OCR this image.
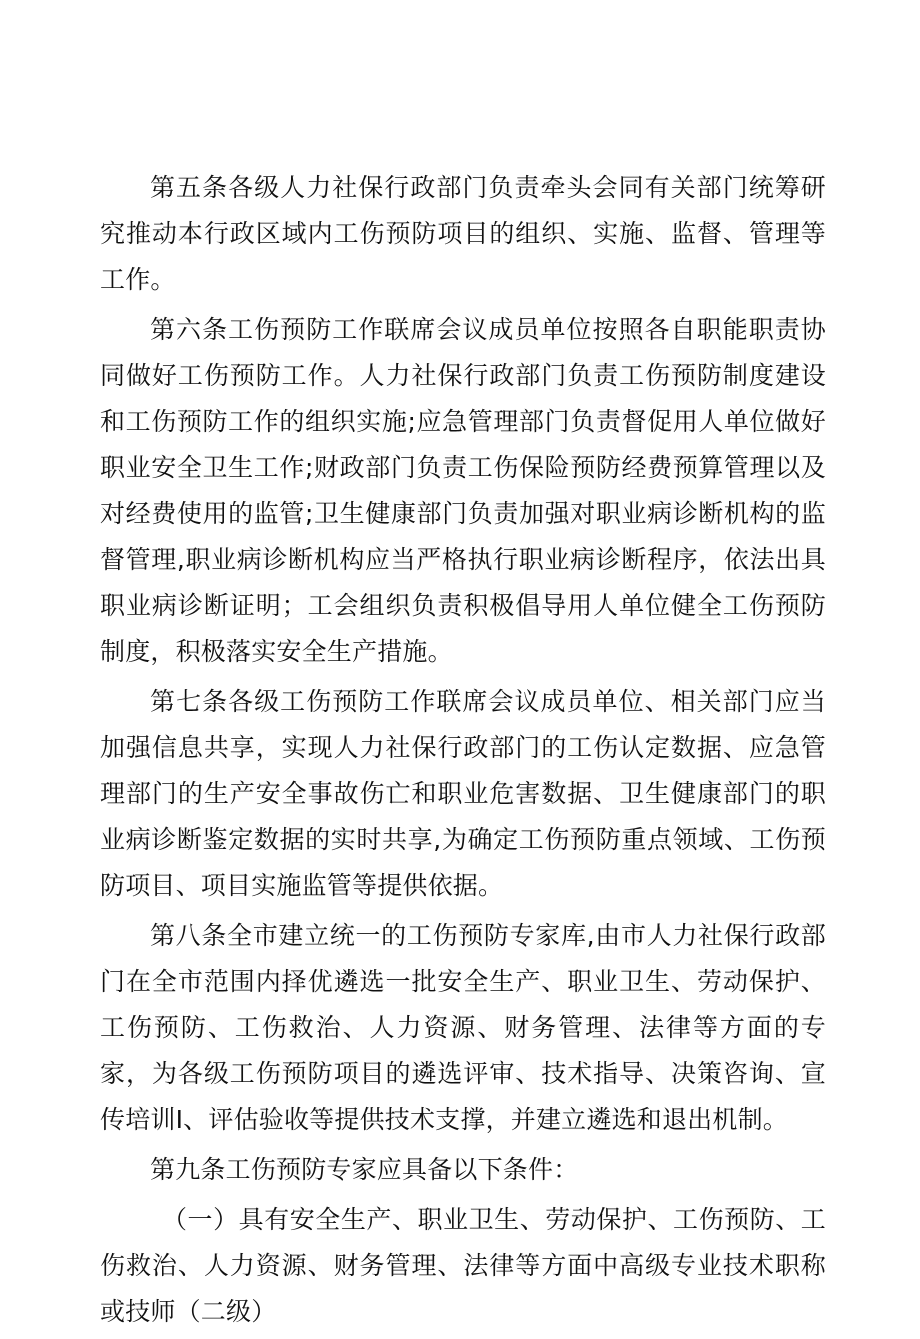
第五条各级人力社保行政部门负责牵头会同有关部门统筹研究推动本行政区域内工伤预防项目的组织、实施、监督、管理等工作。

第六条工伤预防工作联席会议成员单位按照各自职能职责协同做好工伤预防工作。人力社保行政部门负责工伤预防制度建设和工伤预防工作的组织实施;应急管理部门负责督促用人单位做好职业安全卫生工作;财政部门负责工伤保险预防经费预算管理以及对经费使用的监管;卫生健康部门负责加强对职业病诊断机构的监督管理,职业病诊断机构应当严格执行职业病诊断程序，依法出具职业病诊断证明；工会组织负责积极倡导用人单位健全工伤预防制度，积极落实安全生产措施。

第七条各级工伤预防工作联席会议成员单位、相关部门应当加强信息共享，实现人力社保行政部门的工伤认定数据、应急管理部门的生产安全事故伤亡和职业危害数据、卫生健康部门的职业病诊断鉴定数据的实时共享,为确定工伤预防重点领域、工伤预防项目、项目实施监管等提供依据。

第八条全市建立统一的工伤预防专家库,由市人力社保行政部门在全市范围内择优遴选一批安全生产、职业卫生、劳动保护、工伤预防、工伤救治、人力资源、财务管理、法律等方面的专家，为各级工伤预防项目的遴选评审、技术指导、决策咨询、宣传培训I、评估验收等提供技术支撑，并建立遴选和退出机制。

第九条工伤预防专家应具备以下条件：

（一）具有安全生产、职业卫生、劳动保护、工伤预防、工伤救治、人力资源、财务管理、法律等方面中高级专业技术职称或技师（二级）
